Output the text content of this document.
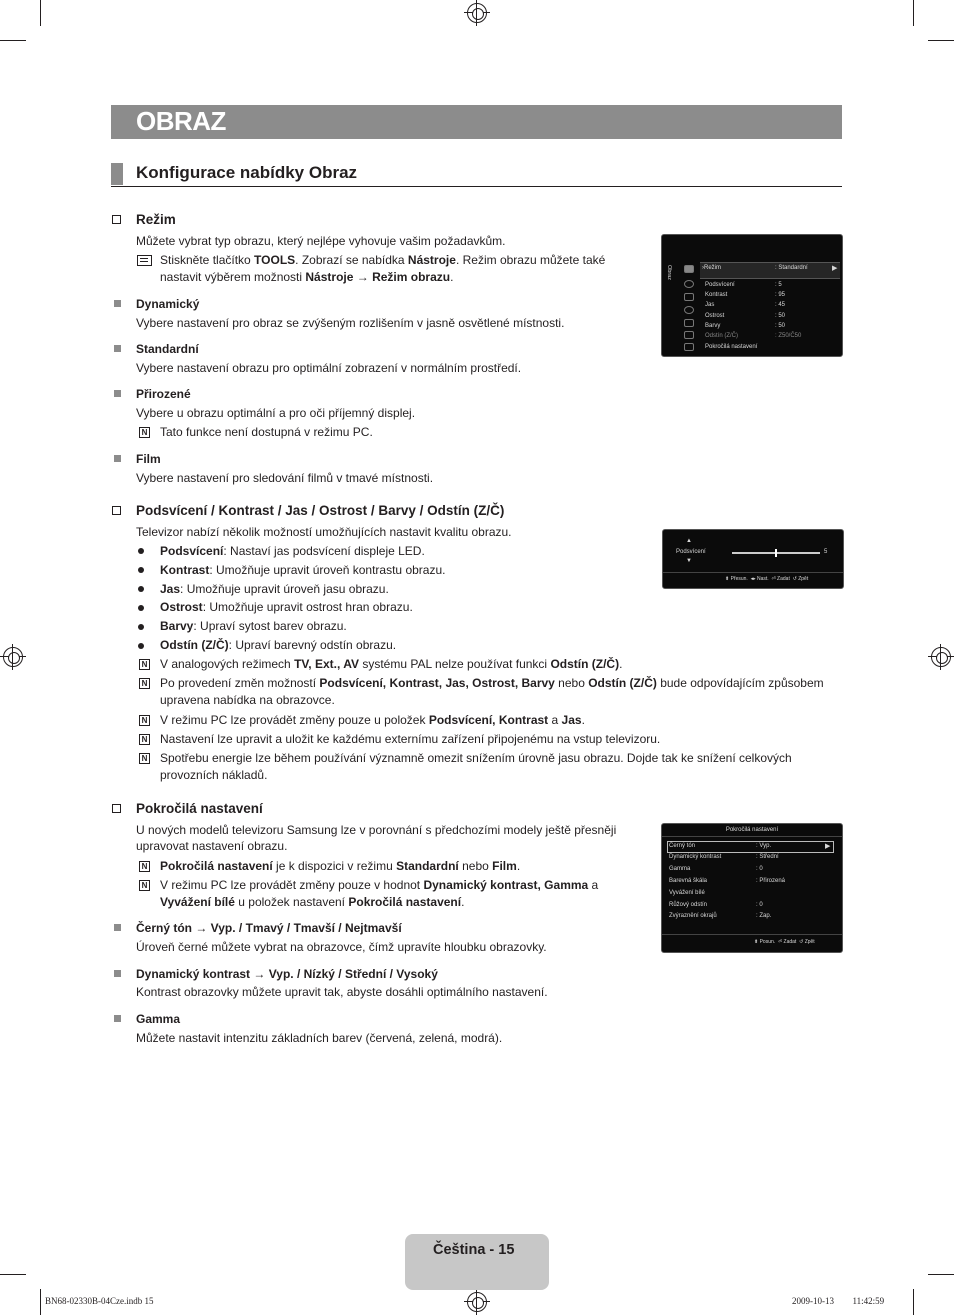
OBRAZ
Konfigurace nabídky Obraz
Režim
Můžete vybrat typ obrazu, který nejlépe vyhovuje vašim požadavkům.
Stiskněte tlačítko TOOLS. Zobrazí se nabídka Nástroje. Režim obrazu můžete také
nastavit výběrem možnosti Nástroje → Režim obrazu.
Dynamický
Vybere nastavení pro obraz se zvýšeným rozlišením v jasně osvětlené místnosti.
Standardní
Vybere nastavení obrazu pro optimální zobrazení v normálním prostředí.
Přirozené
Vybere u obrazu optimální a pro oči příjemný displej.
N Tato funkce není dostupná v režimu PC.
Film
Vybere nastavení pro sledování filmů v tmavé místnosti.
Obraz	›Režim	: Standardní	▶
Podsvícení	: 5
Kontrast	: 95
Jas	: 45
Ostrost	: 50
Barvy	: 50
Odstín (Z/Č)	: Z50/Č50
Pokročilá nastavení
Podsvícení / Kontrast / Jas / Ostrost / Barvy / Odstín (Z/Č)
Televizor nabízí několik možností umožňujících nastavit kvalitu obrazu.
Podsvícení: Nastaví jas podsvícení displeje LED.
Kontrast: Umožňuje upravit úroveň kontrastu obrazu.
Jas: Umožňuje upravit úroveň jasu obrazu.
Ostrost: Umožňuje upravit ostrost hran obrazu.
Barvy: Upraví sytost barev obrazu.
Odstín (Z/Č): Upraví barevný odstín obrazu.
N V analogových režimech TV, Ext., AV systému PAL nelze používat funkci Odstín (Z/Č).
N Po provedení změn možností Podsvícení, Kontrast, Jas, Ostrost, Barvy nebo Odstín (Z/Č) bude odpovídajícím způsobem
upravena nabídka na obrazovce.
N V režimu PC lze provádět změny pouze u položek Podsvícení, Kontrast a Jas.
N Nastavení lze upravit a uložit ke každému externímu zařízení připojenému na vstup televizoru.
N Spotřebu energie lze během používání významně omezit snížením úrovně jasu obrazu. Dojde tak ke snížení celkových
provozních nákladů.
▲
Podsvícení
▼
5
⬍ Přesun.  ◂▸ Nast.  ⏎ Zadat  ↺ Zpět
Pokročilá nastavení
U nových modelů televizoru Samsung lze v porovnání s předchozími modely ještě přesněji
upravovat nastavení obrazu.
N Pokročilá nastavení je k dispozici v režimu Standardní nebo Film.
N V režimu PC lze provádět změny pouze v hodnot Dynamický kontrast, Gamma a
Vyvážení bílé u položek nastavení Pokročilá nastavení.
Černý tón → Vyp. / Tmavý / Tmavší / Nejtmavší
Úroveň černé můžete vybrat na obrazovce, čímž upravíte hloubku obrazovky.
Dynamický kontrast → Vyp. / Nízký / Střední / Vysoký
Kontrast obrazovky můžete upravit tak, abyste dosáhli optimálního nastavení.
Gamma
Můžete nastavit intenzitu základních barev (červená, zelená, modrá).
Pokročilá nastavení
Černý tón	: Vyp.	▶
Dynamický kontrast	: Střední
Gamma	: 0
Barevná škála	: Přirozená
Vyvážení bílé
Růžový odstín	: 0
Zvýraznění okrajů	: Zap.
⬍ Posun.  ⏎ Zadat  ↺ Zpět
Čeština - 15
BN68-02330B-04Cze.indb 15	2009-10-13 ￿￿ 11:42:59
